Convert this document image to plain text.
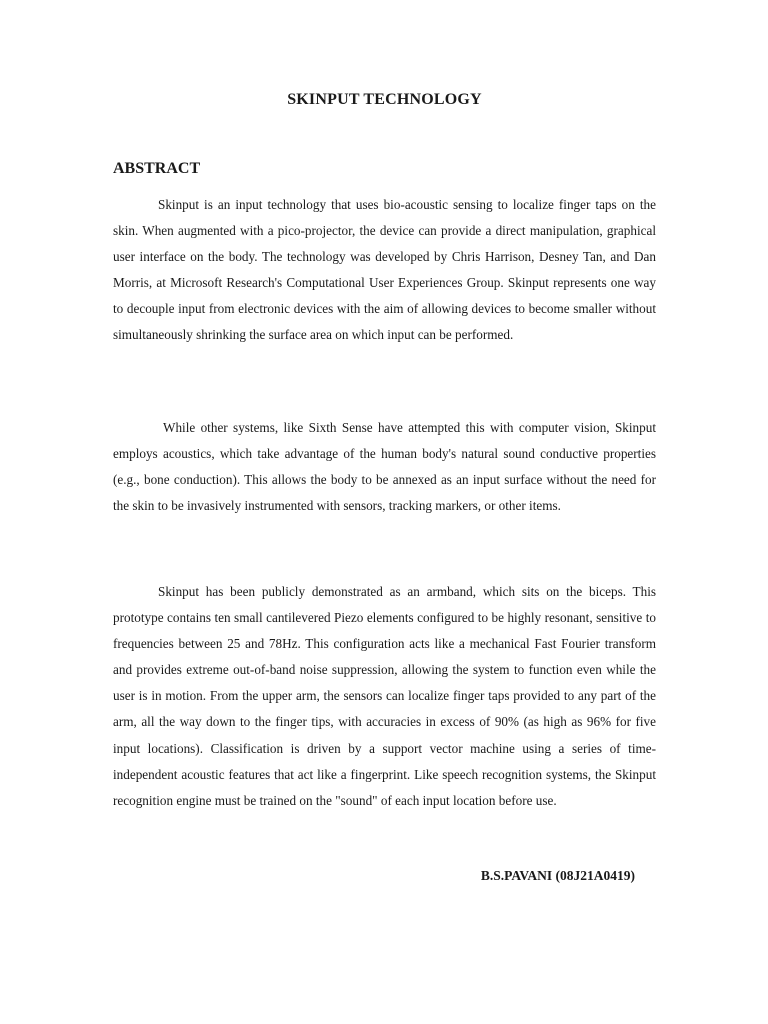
SKINPUT TECHNOLOGY
ABSTRACT

Skinput is an input technology that uses bio-acoustic sensing to localize finger taps on the skin. When augmented with a pico-projector, the device can provide a direct manipulation, graphical user interface on the body. The technology was developed by Chris Harrison, Desney Tan, and Dan Morris, at Microsoft Research's Computational User Experiences Group. Skinput represents one way to decouple input from electronic devices with the aim of allowing devices to become smaller without simultaneously shrinking the surface area on which input can be performed.

While other systems, like Sixth Sense have attempted this with computer vision, Skinput employs acoustics, which take advantage of the human body's natural sound conductive properties (e.g., bone conduction). This allows the body to be annexed as an input surface without the need for the skin to be invasively instrumented with sensors, tracking markers, or other items.

Skinput has been publicly demonstrated as an armband, which sits on the biceps. This prototype contains ten small cantilevered Piezo elements configured to be highly resonant, sensitive to frequencies between 25 and 78Hz. This configuration acts like a mechanical Fast Fourier transform and provides extreme out-of-band noise suppression, allowing the system to function even while the user is in motion. From the upper arm, the sensors can localize finger taps provided to any part of the arm, all the way down to the finger tips, with accuracies in excess of 90% (as high as 96% for five input locations). Classification is driven by a support vector machine using a series of time-independent acoustic features that act like a fingerprint. Like speech recognition systems, the Skinput recognition engine must be trained on the "sound" of each input location before use.

B.S.PAVANI (08J21A0419)
